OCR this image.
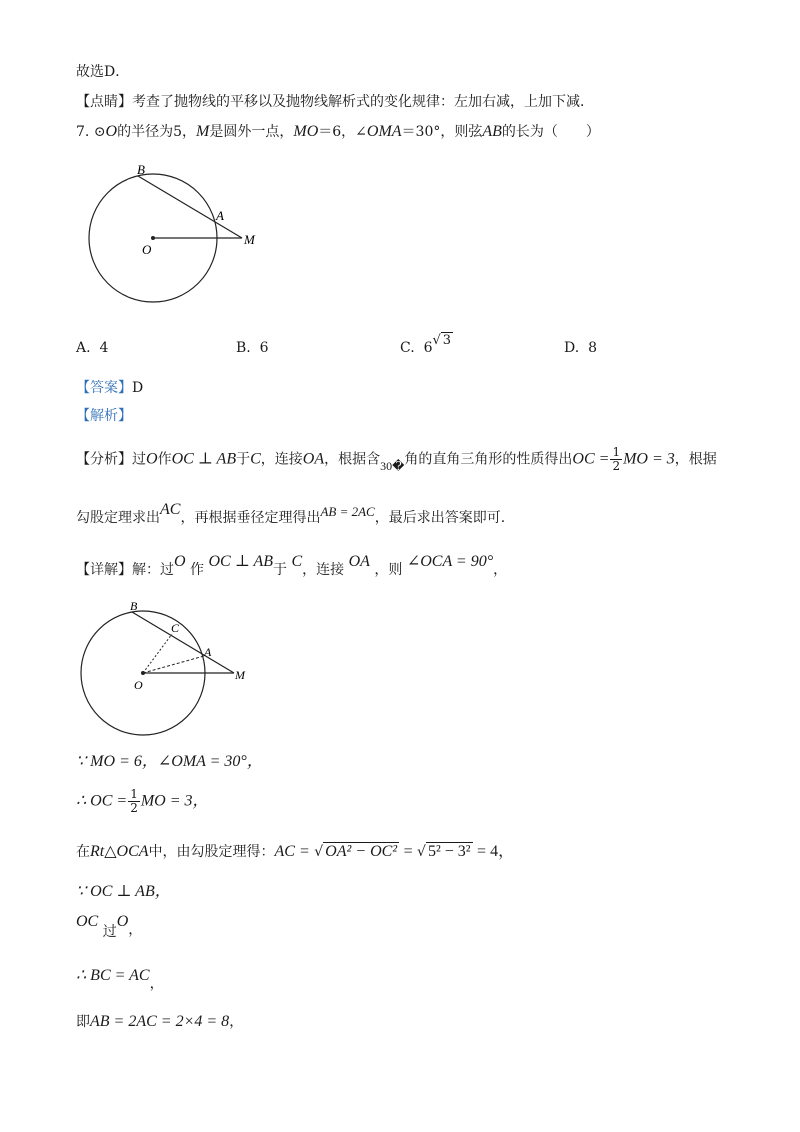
故选D．
【点睛】考查了抛物线的平移以及抛物线解析式的变化规律：左加右减，上加下减．
7. ⊙O的半径为5，M是圆外一点，MO＝6，∠OMA＝30°，则弦AB的长为（　　）
B
A
O
M
A. 4	B. 6	C. 6√ 3	D. 8
【答案】D
【解析】
【分析】过O作OC ⊥ AB于C，连接OA，根据含30�角的直角三角形的性质得出OC = $\frac{1}{2}$ MO = 3，根据
勾股定理求出AC，再根据垂径定理得出AB = 2AC，最后求出答案即可.
【详解】解：过O 作 OC ⊥ AB于 C，连接 OA ，则 ∠OCA = 90°，
B
C
A
O
M
∵ MO = 6，∠OMA = 30°，
∴ OC = $\frac{1}{2}$ MO = 3，
在Rt△OCA中，由勾股定理得：AC = √ OA² − OC² = √ 5² − 3² = 4，
∵ OC ⊥ AB，
OC 过O，
∴ BC = AC，
即AB = 2AC = 2×4 = 8，
